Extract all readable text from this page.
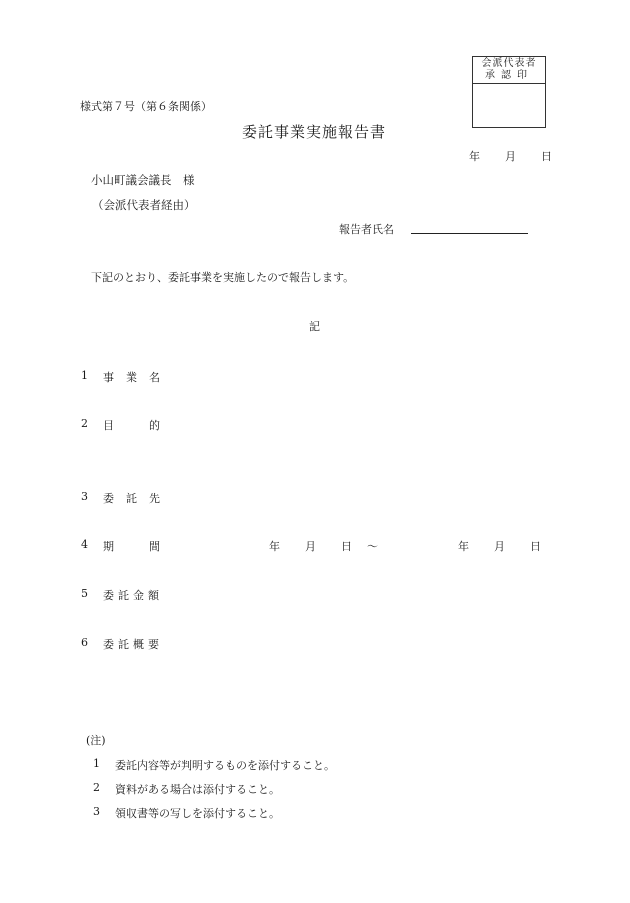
会派代表者
承認印
様式第７号（第６条関係）
委託事業実施報告書
年 月 日
小山町議会議長　様
（会派代表者経由）
報告者氏名
下記のとおり、委託事業を実施したので報告します。
記
1 事 業 名
2 目	的
3 委 託 先
4 期	間	年 月 日 〜	年 月 日
5 委 託 金 額
6 委 託 概 要
(注)
1 委託内容等が判明するものを添付すること。
2 資料がある場合は添付すること。
3 領収書等の写しを添付すること。
